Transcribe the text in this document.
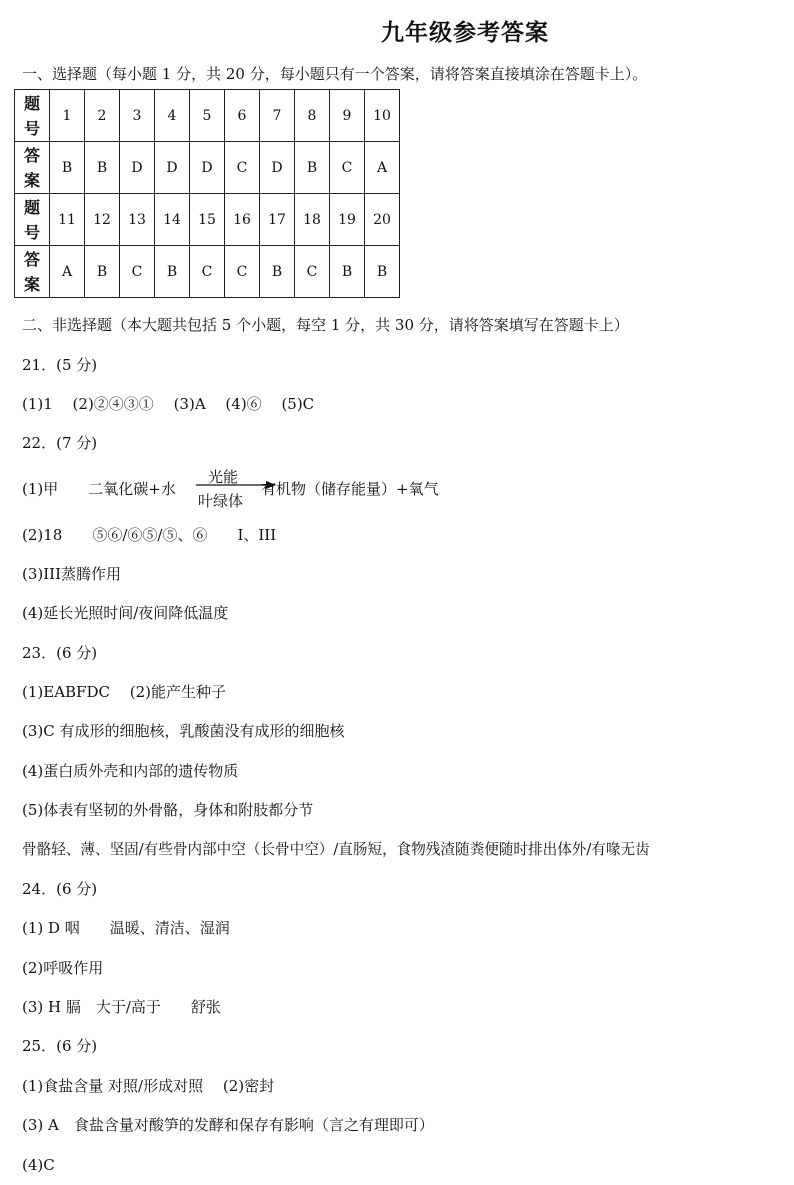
九年级参考答案
一、选择题（每小题 1 分，共 20 分，每小题只有一个答案，请将答案直接填涂在答题卡上）。
题
号	1	2	3	4	5	6	7	8	9	10

答
案	B	B	D	D	D	C	D	B	C	A

题
号	11	12	13	14	15	16	17	18	19	20

答
案	A	B	C	B	C	C	B	C	B	B
二、非选择题（本大题共包括 5 个小题，每空 1 分，共 30 分，请将答案填写在答题卡上）
21．(5 分)
(1)1　 (2)②④③①　 (3)A　 (4)⑥　 (5)C
22．(7 分)
(1)甲　　二氧化碳+水
光能
叶绿体
有机物（储存能量）+氧气
(2)18　　⑤⑥/⑥⑤/⑤、⑥　　I、III
(3)III蒸腾作用
(4)延长光照时间/夜间降低温度
23．(6 分)
(1)EABFDC　 (2)能产生种子
(3)C 有成形的细胞核，乳酸菌没有成形的细胞核
(4)蛋白质外壳和内部的遗传物质
(5)体表有坚韧的外骨骼，身体和附肢都分节
骨骼轻、薄、坚固/有些骨内部中空（长骨中空）/直肠短，食物残渣随粪便随时排出体外/有喙无齿
24．(6 分)
(1) D 咽　　温暖、清洁、湿润
(2)呼吸作用
(3) H 膈　大于/高于　　舒张
25．(6 分)
(1)食盐含量 对照/形成对照　 (2)密封
(3) A　食盐含量对酸笋的发酵和保存有影响（言之有理即可）
(4)C
